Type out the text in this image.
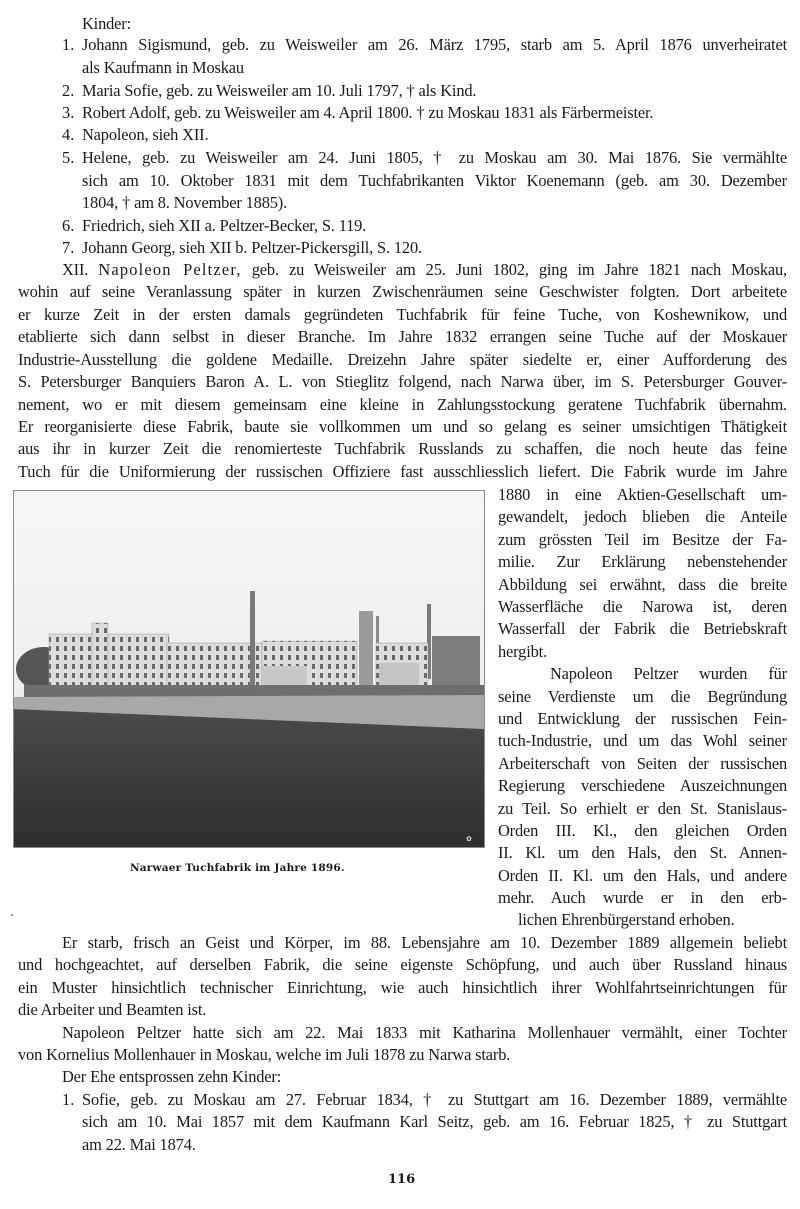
Kinder:
1. Johann Sigismund, geb. zu Weisweiler am 26. März 1795, starb am 5. April 1876 unverheiratet
als Kaufmann in Moskau
2. Maria Sofie, geb. zu Weisweiler am 10. Juli 1797, † als Kind.
3. Robert Adolf, geb. zu Weisweiler am 4. April 1800. † zu Moskau 1831 als Färbermeister.
4. Napoleon, sieh XII.
5. Helene, geb. zu Weisweiler am 24. Juni 1805, † zu Moskau am 30. Mai 1876. Sie vermählte
sich am 10. Oktober 1831 mit dem Tuchfabrikanten Viktor Koenemann (geb. am 30. Dezember
1804, † am 8. November 1885).
6. Friedrich, sieh XII a. Peltzer-Becker, S. 119.
7. Johann Georg, sieh XII b. Peltzer-Pickersgill, S. 120.
XII. Napoleon Peltzer, geb. zu Weisweiler am 25. Juni 1802, ging im Jahre 1821 nach Moskau,
wohin auf seine Veranlassung später in kurzen Zwischenräumen seine Geschwister folgten. Dort arbeitete
er kurze Zeit in der ersten damals gegründeten Tuchfabrik für feine Tuche, von Koshewnikow, und
etablierte sich dann selbst in dieser Branche. Im Jahre 1832 errangen seine Tuche auf der Moskauer
Industrie-Ausstellung die goldene Medaille. Dreizehn Jahre später siedelte er, einer Aufforderung des
S. Petersburger Banquiers Baron A. L. von Stieglitz folgend, nach Narwa über, im S. Petersburger Gouver-
nement, wo er mit diesem gemeinsam eine kleine in Zahlungsstockung geratene Tuchfabrik übernahm.
Er reorganisierte diese Fabrik, baute sie vollkommen um und so gelang es seiner umsichtigen Thätigkeit
aus ihr in kurzer Zeit die renomierteste Tuchfabrik Russlands zu schaffen, die noch heute das feine
Tuch für die Uniformierung der russischen Offiziere fast ausschliesslich liefert. Die Fabrik wurde im Jahre
1880 in eine Aktien-Gesellschaft um-
gewandelt, jedoch blieben die Anteile
zum grössten Teil im Besitze der Fa-
milie. Zur Erklärung nebenstehender
Abbildung sei erwähnt, dass die breite
Wasserfläche die Narowa ist, deren
Wasserfall der Fabrik die Betriebskraft
hergibt.
Napoleon Peltzer wurden für
seine Verdienste um die Begründung
und Entwicklung der russischen Fein-
tuch-Industrie, und um das Wohl seiner
Arbeiterschaft von Seiten der russischen
Regierung verschiedene Auszeichnungen
zu Teil. So erhielt er den St. Stanislaus-
Orden III. Kl., den gleichen Orden
II. Kl. um den Hals, den St. Annen-
Orden II. Kl. um den Hals, und andere
mehr. Auch wurde er in den erb-
lichen Ehrenbürgerstand erhoben.
✿
Narwaer Tuchfabrik im Jahre 1896.
Er starb, frisch an Geist und Körper, im 88. Lebensjahre am 10. Dezember 1889 allgemein beliebt
und hochgeachtet, auf derselben Fabrik, die seine eigenste Schöpfung, und auch über Russland hinaus
ein Muster hinsichtlich technischer Einrichtung, wie auch hinsichtlich ihrer Wohlfahrtseinrichtungen für
die Arbeiter und Beamten ist.
Napoleon Peltzer hatte sich am 22. Mai 1833 mit Katharina Mollenhauer vermählt, einer Tochter
von Kornelius Mollenhauer in Moskau, welche im Juli 1878 zu Narwa starb.
Der Ehe entsprossen zehn Kinder:
1. Sofie, geb. zu Moskau am 27. Februar 1834, † zu Stuttgart am 16. Dezember 1889, vermählte
sich am 10. Mai 1857 mit dem Kaufmann Karl Seitz, geb. am 16. Februar 1825, † zu Stuttgart
am 22. Mai 1874.
116
